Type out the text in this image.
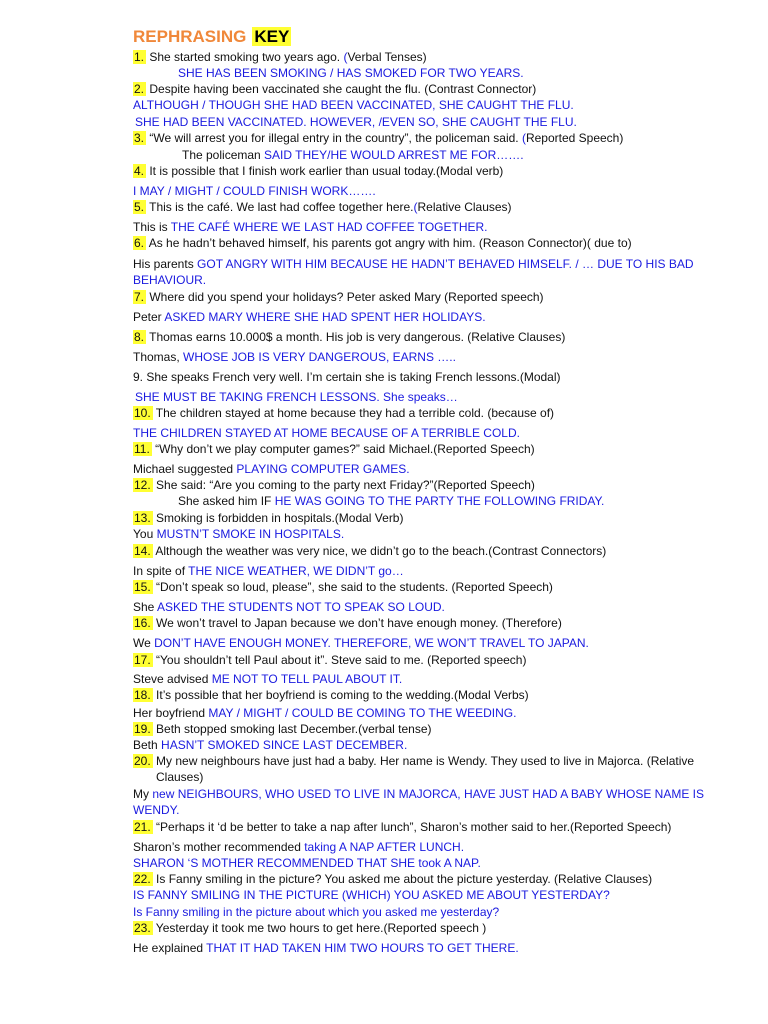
REPHRASING KEY
1. She started smoking two years ago. (Verbal Tenses)
SHE HAS BEEN SMOKING / HAS SMOKED FOR TWO YEARS.
2. Despite having been vaccinated she caught the flu. (Contrast Connector)
ALTHOUGH / THOUGH SHE HAD BEEN VACCINATED, SHE CAUGHT THE FLU.
SHE HAD BEEN VACCINATED. HOWEVER, /EVEN SO, SHE CAUGHT THE FLU.
3. “We will arrest you for illegal entry in the country”, the policeman said. (Reported Speech)
The policeman SAID THEY/HE WOULD ARREST ME FOR…….
4. It is possible that I finish work earlier than usual today.(Modal verb)
I MAY / MIGHT / COULD FINISH WORK…….
5. This is the café. We last had coffee together here.(Relative Clauses)
This is THE CAFÉ WHERE WE LAST HAD COFFEE TOGETHER.
6. As he hadn’t behaved himself, his parents got angry with him. (Reason Connector)( due to)
His parents GOT ANGRY WITH HIM BECAUSE HE HADN’T BEHAVED HIMSELF. / … DUE TO HIS BAD
BEHAVIOUR.
7. Where did you spend your holidays? Peter asked Mary (Reported speech)
Peter ASKED MARY WHERE SHE HAD SPENT HER HOLIDAYS.
8. Thomas earns 10.000$ a month. His job is very dangerous. (Relative Clauses)
Thomas, WHOSE JOB IS VERY DANGEROUS, EARNS …..
9. She speaks French very well. I’m certain she is taking French lessons.(Modal)
SHE MUST BE TAKING FRENCH LESSONS. She speaks…
10. The children stayed at home because they had a terrible cold. (because of)
THE CHILDREN STAYED AT HOME BECAUSE OF A TERRIBLE COLD.
11. “Why don’t we play computer games?” said Michael.(Reported Speech)
Michael suggested PLAYING COMPUTER GAMES.
12. She said: “Are you coming to the party next Friday?”(Reported Speech)
She asked him IF HE WAS GOING TO THE PARTY THE FOLLOWING FRIDAY.
13. Smoking is forbidden in hospitals.(Modal Verb)
You MUSTN’T SMOKE IN HOSPITALS.
14. Although the weather was very nice, we didn’t go to the beach.(Contrast Connectors)
In spite of THE NICE WEATHER, WE DIDN’T go…
15. “Don’t speak so loud, please”, she said to the students. (Reported Speech)
She ASKED THE STUDENTS NOT TO SPEAK SO LOUD.
16. We won’t travel to Japan because we don’t have enough money. (Therefore)
We DON’T HAVE ENOUGH MONEY. THEREFORE, WE WON’T TRAVEL TO JAPAN.
17. “You shouldn’t tell Paul about it”. Steve said to me. (Reported speech)
Steve advised ME NOT TO TELL PAUL ABOUT IT.
18. It’s possible that her boyfriend is coming to the wedding.(Modal Verbs)
Her boyfriend MAY / MIGHT / COULD BE COMING TO THE WEEDING.
19. Beth stopped smoking last December.(verbal tense)
Beth HASN’T SMOKED SINCE LAST DECEMBER.
20. My new neighbours have just had a baby. Her name is Wendy. They used to live in Majorca. (Relative
Clauses)
My new NEIGHBOURS, WHO USED TO LIVE IN MAJORCA, HAVE JUST HAD A BABY WHOSE NAME IS
WENDY.
21. “Perhaps it ‘d be better to take a nap after lunch”, Sharon’s mother said to her.(Reported Speech)
Sharon’s mother recommended taking A NAP AFTER LUNCH.
SHARON ‘S MOTHER RECOMMENDED THAT SHE took A NAP.
22. Is Fanny smiling in the picture? You asked me about the picture yesterday. (Relative Clauses)
IS FANNY SMILING IN THE PICTURE (WHICH) YOU ASKED ME ABOUT YESTERDAY?
Is Fanny smiling in the picture about which you asked me yesterday?
23. Yesterday it took me two hours to get here.(Reported speech )
He explained THAT IT HAD TAKEN HIM TWO HOURS TO GET THERE.
